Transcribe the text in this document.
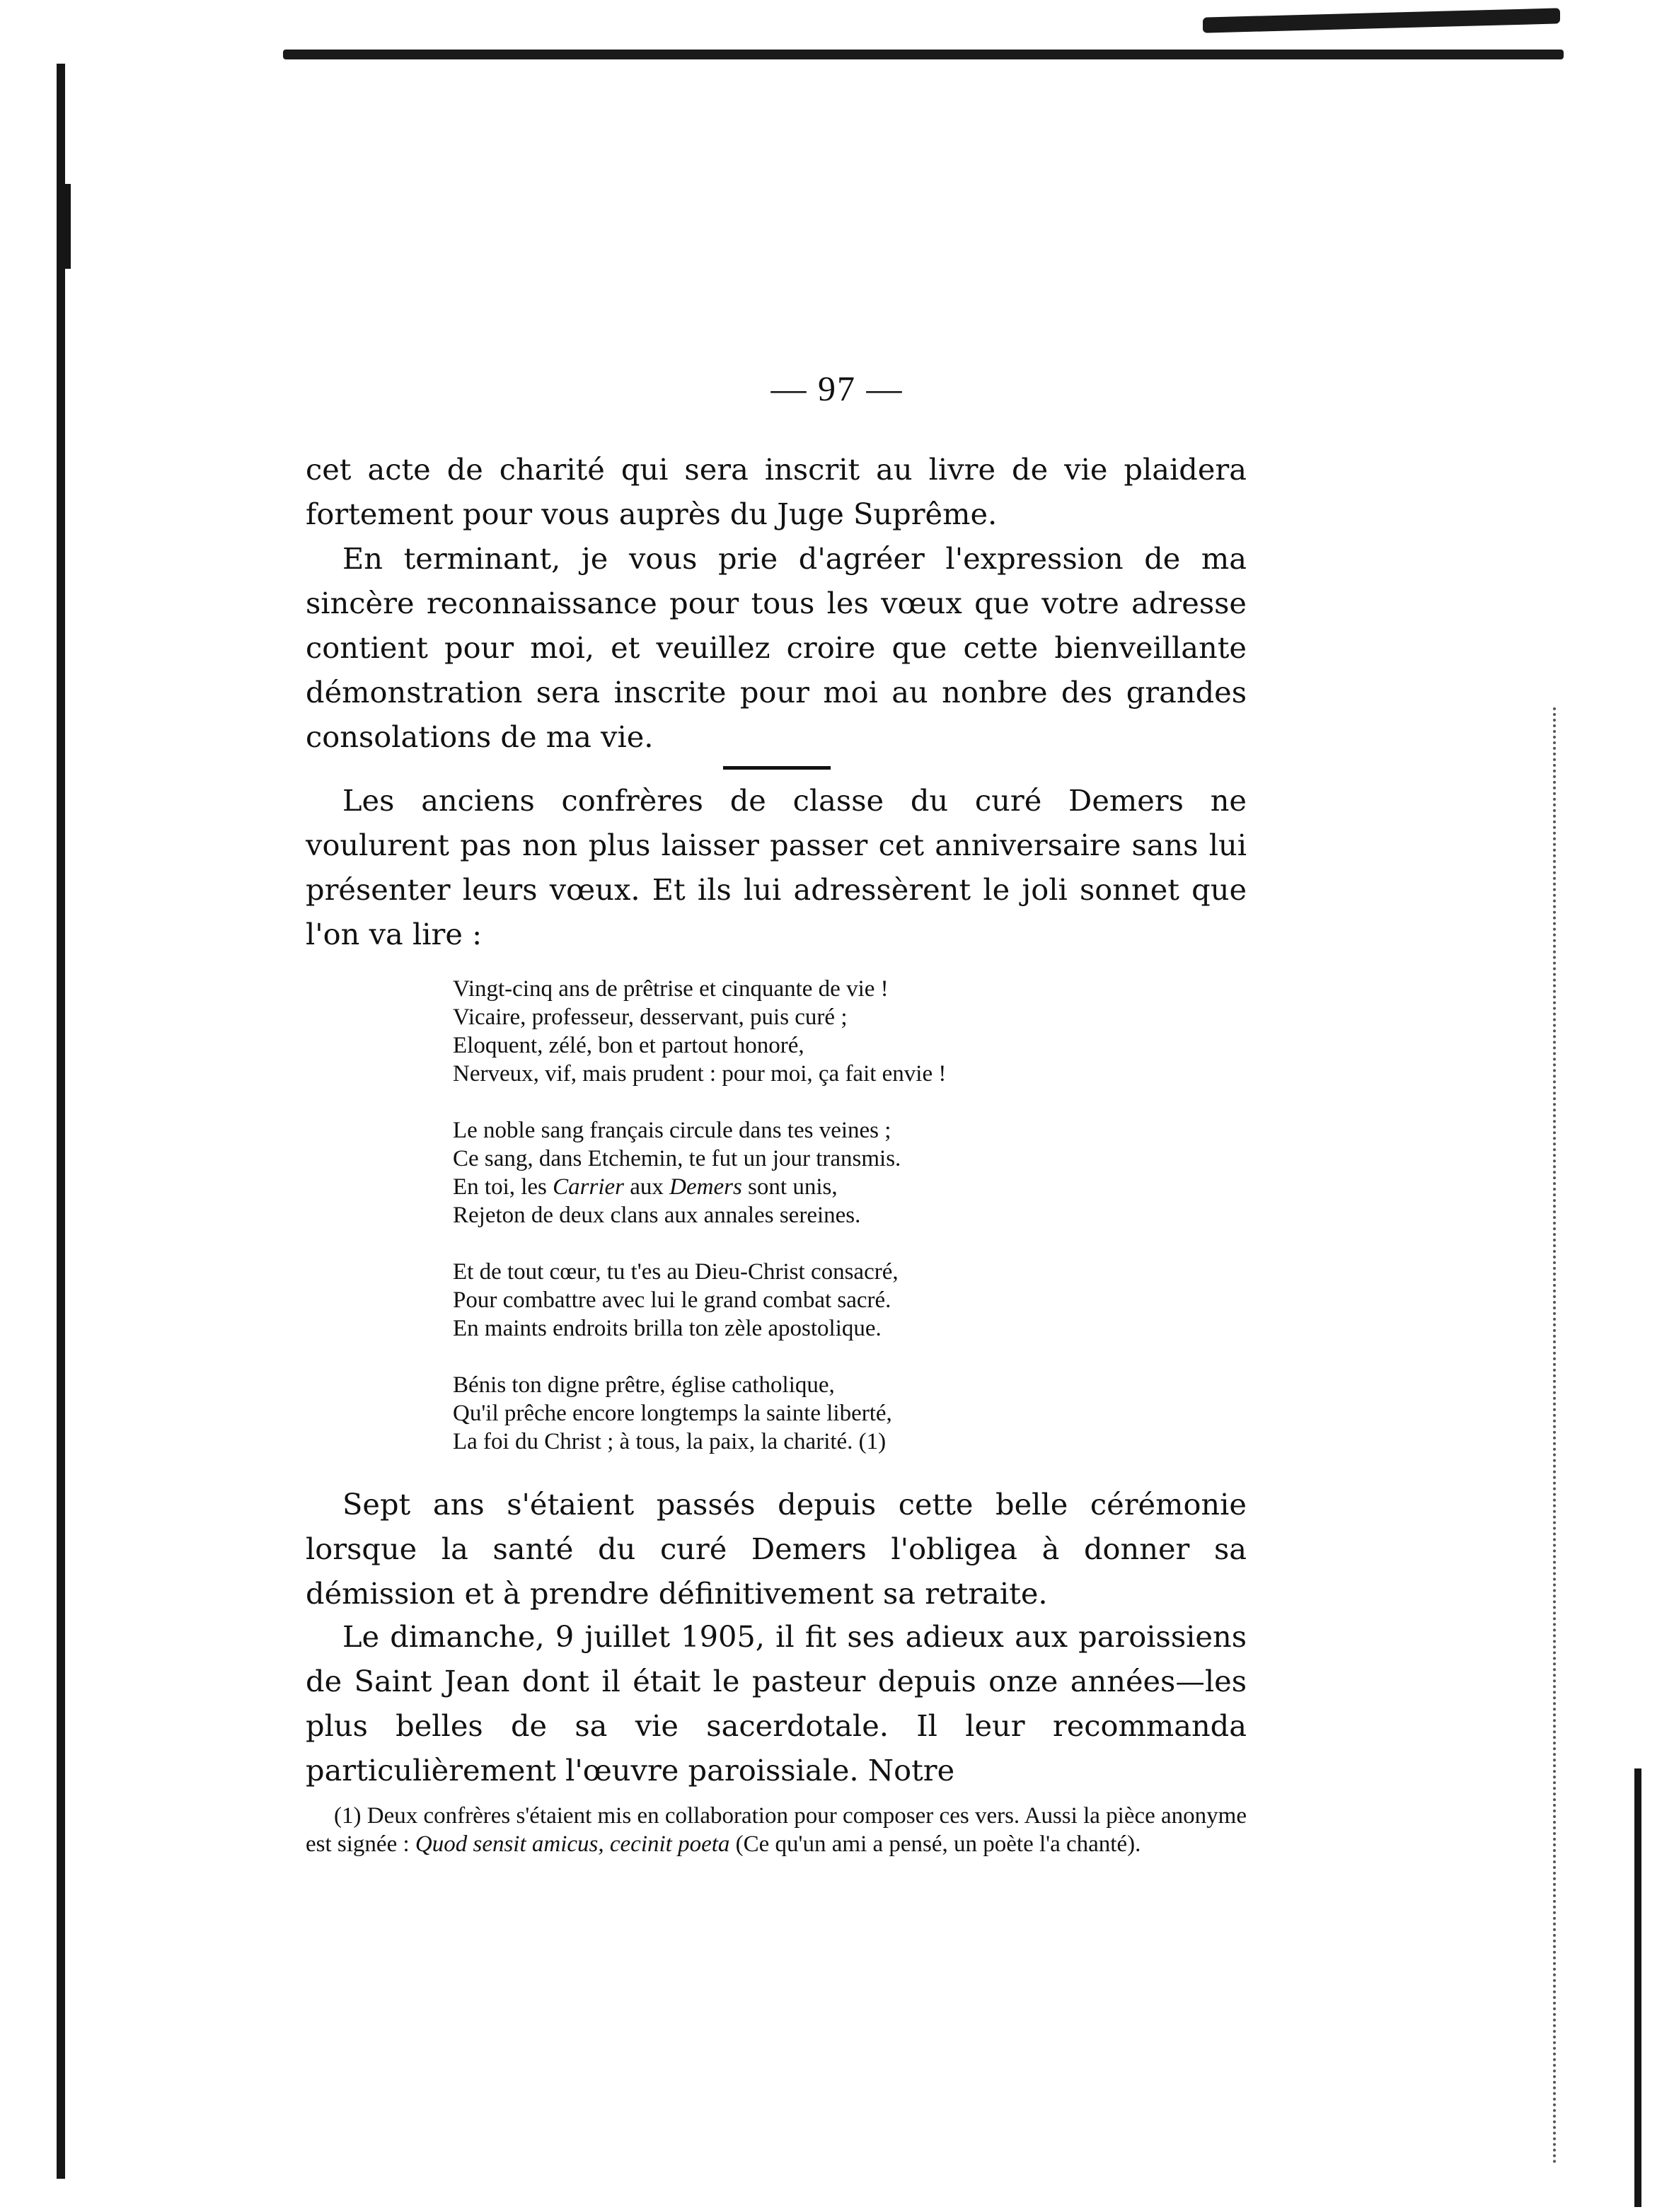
— 97 —

cet acte de charité qui sera inscrit au livre de vie plaidera fortement pour vous auprès du Juge Suprême.

En terminant, je vous prie d'agréer l'expression de ma sincère reconnaissance pour tous les vœux que votre adresse contient pour moi, et veuillez croire que cette bienveillante démonstration sera inscrite pour moi au nonbre des grandes consolations de ma vie.

Les anciens confrères de classe du curé Demers ne voulurent pas non plus laisser passer cet anniversaire sans lui présenter leurs vœux. Et ils lui adressèrent le joli sonnet que l'on va lire :

Vingt-cinq ans de prêtrise et cinquante de vie !
Vicaire, professeur, desservant, puis curé ;
Eloquent, zélé, bon et partout honoré,
Nerveux, vif, mais prudent : pour moi, ça fait envie !
Le noble sang français circule dans tes veines ;
Ce sang, dans Etchemin, te fut un jour transmis.
En toi, les Carrier aux Demers sont unis,
Rejeton de deux clans aux annales sereines.
Et de tout cœur, tu t'es au Dieu-Christ consacré,
Pour combattre avec lui le grand combat sacré.
En maints endroits brilla ton zèle apostolique.
Bénis ton digne prêtre, église catholique,
Qu'il prêche encore longtemps la sainte liberté,
La foi du Christ ; à tous, la paix, la charité. (1)

Sept ans s'étaient passés depuis cette belle cérémonie lorsque la santé du curé Demers l'obligea à donner sa démission et à prendre définitivement sa retraite.

Le dimanche, 9 juillet 1905, il fit ses adieux aux paroissiens de Saint Jean dont il était le pasteur depuis onze années—les plus belles de sa vie sacerdotale. Il leur recommanda particulièrement l'œuvre paroissiale. Notre

(1) Deux confrères s'étaient mis en collaboration pour composer ces vers. Aussi la pièce anonyme est signée : Quod sensit amicus, cecinit poeta (Ce qu'un ami a pensé, un poète l'a chanté).
